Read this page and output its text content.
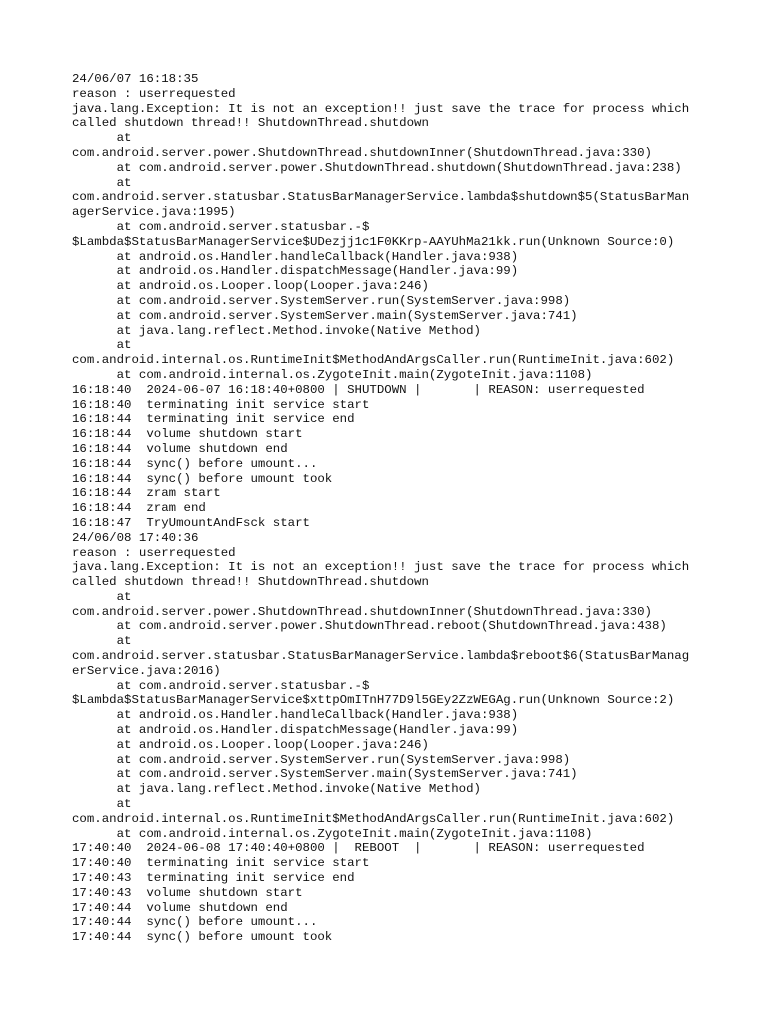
24/06/07 16:18:35
reason : userrequested
java.lang.Exception: It is not an exception!! just save the trace for process which
called shutdown thread!! ShutdownThread.shutdown
at
com.android.server.power.ShutdownThread.shutdownInner(ShutdownThread.java:330)
at com.android.server.power.ShutdownThread.shutdown(ShutdownThread.java:238)
at
com.android.server.statusbar.StatusBarManagerService.lambda$shutdown$5(StatusBarMan
agerService.java:1995)
at com.android.server.statusbar.-$
$Lambda$StatusBarManagerService$UDezjj1c1F0KKrp-AAYUhMa21kk.run(Unknown Source:0)
at android.os.Handler.handleCallback(Handler.java:938)
at android.os.Handler.dispatchMessage(Handler.java:99)
at android.os.Looper.loop(Looper.java:246)
at com.android.server.SystemServer.run(SystemServer.java:998)
at com.android.server.SystemServer.main(SystemServer.java:741)
at java.lang.reflect.Method.invoke(Native Method)
at
com.android.internal.os.RuntimeInit$MethodAndArgsCaller.run(RuntimeInit.java:602)
at com.android.internal.os.ZygoteInit.main(ZygoteInit.java:1108)
16:18:40  2024-06-07 16:18:40+0800 | SHUTDOWN |       | REASON: userrequested
16:18:40  terminating init service start
16:18:44  terminating init service end
16:18:44  volume shutdown start
16:18:44  volume shutdown end
16:18:44  sync() before umount...
16:18:44  sync() before umount took
16:18:44  zram start
16:18:44  zram end
16:18:47  TryUmountAndFsck start
24/06/08 17:40:36
reason : userrequested
java.lang.Exception: It is not an exception!! just save the trace for process which
called shutdown thread!! ShutdownThread.shutdown
at
com.android.server.power.ShutdownThread.shutdownInner(ShutdownThread.java:330)
at com.android.server.power.ShutdownThread.reboot(ShutdownThread.java:438)
at
com.android.server.statusbar.StatusBarManagerService.lambda$reboot$6(StatusBarManag
erService.java:2016)
at com.android.server.statusbar.-$
$Lambda$StatusBarManagerService$xttpOmITnH77D9l5GEy2ZzWEGAg.run(Unknown Source:2)
at android.os.Handler.handleCallback(Handler.java:938)
at android.os.Handler.dispatchMessage(Handler.java:99)
at android.os.Looper.loop(Looper.java:246)
at com.android.server.SystemServer.run(SystemServer.java:998)
at com.android.server.SystemServer.main(SystemServer.java:741)
at java.lang.reflect.Method.invoke(Native Method)
at
com.android.internal.os.RuntimeInit$MethodAndArgsCaller.run(RuntimeInit.java:602)
at com.android.internal.os.ZygoteInit.main(ZygoteInit.java:1108)
17:40:40  2024-06-08 17:40:40+0800 |  REBOOT  |       | REASON: userrequested
17:40:40  terminating init service start
17:40:43  terminating init service end
17:40:43  volume shutdown start
17:40:44  volume shutdown end
17:40:44  sync() before umount...
17:40:44  sync() before umount took
